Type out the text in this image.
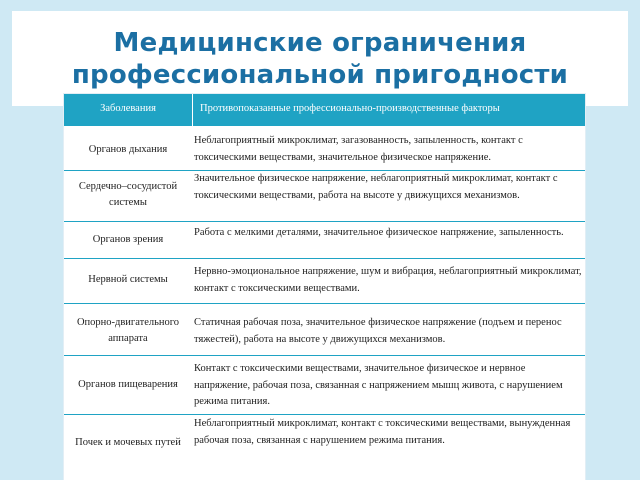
Медицинские ограничения
профессиональной пригодности
Заболевания	Противопоказанные профессионально-производственные факторы
Органов дыхания
Неблагоприятный микроклимат, загазованность, запыленность, контакт с токсическими веществами, значительное физическое напряжение.
Сердечно–сосудистой системы
Значительное физическое напряжение, неблагоприятный микроклимат, контакт с токсическими веществами, работа на высоте у движущихся механизмов.
Органов зрения
Работа с мелкими деталями, значительное физическое напряжение, запыленность.
Нервной системы
Нервно-эмоциональное напряжение, шум и вибрация, неблагоприятный микроклимат, контакт с токсическими веществами.
Опорно-двигательного аппарата
Статичная рабочая поза, значительное физическое напряжение (подъем и перенос тяжестей), работа на высоте у движущихся механизмов.
Органов пищеварения
Контакт с токсическими веществами, значительное физическое и нервное напряжение, рабочая поза, связанная с напряжением мышц живота, с нарушением режима питания.
Почек и мочевых путей
Неблагоприятный микроклимат, контакт с токсическими веществами, вынужденная рабочая поза, связанная с нарушением режима питания.
